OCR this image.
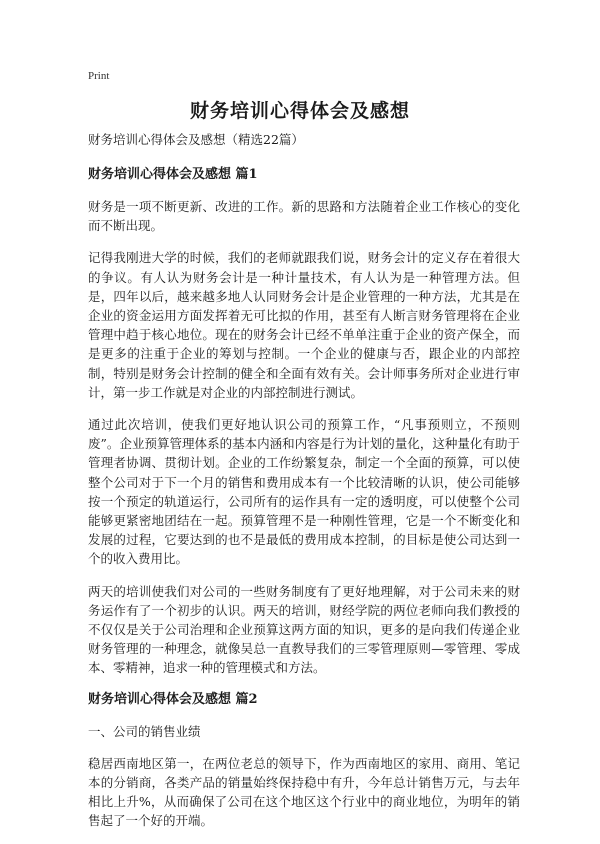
Print
财务培训心得体会及感想
财务培训心得体会及感想（精选22篇）
财务培训心得体会及感想 篇1

财务是一项不断更新、改进的工作。新的思路和方法随着企业工作核心的变化而不断出现。

记得我刚进大学的时候，我们的老师就跟我们说，财务会计的定义存在着很大的争议。有人认为财务会计是一种计量技术，有人认为是一种管理方法。但是，四年以后，越来越多地人认同财务会计是企业管理的一种方法，尤其是在企业的资金运用方面发挥着无可比拟的作用，甚至有人断言财务管理将在企业管理中趋于核心地位。现在的财务会计已经不单单注重于企业的资产保全，而是更多的注重于企业的筹划与控制。一个企业的健康与否，跟企业的内部控制，特别是财务会计控制的健全和全面有效有关。会计师事务所对企业进行审计，第一步工作就是对企业的内部控制进行测试。

通过此次培训，使我们更好地认识公司的预算工作，“凡事预则立，不预则废”。企业预算管理体系的基本内涵和内容是行为计划的量化，这种量化有助于管理者协调、贯彻计划。企业的工作纷繁复杂，制定一个全面的预算，可以使整个公司对于下一个月的销售和费用成本有一个比较清晰的认识，使公司能够按一个预定的轨道运行，公司所有的运作具有一定的透明度，可以使整个公司能够更紧密地团结在一起。预算管理不是一种刚性管理，它是一个不断变化和发展的过程，它要达到的也不是最低的费用成本控制，的目标是使公司达到一个的收入费用比。

两天的培训使我们对公司的一些财务制度有了更好地理解，对于公司未来的财务运作有了一个初步的认识。两天的培训，财经学院的两位老师向我们教授的不仅仅是关于公司治理和企业预算这两方面的知识，更多的是向我们传递企业财务管理的一种理念，就像吴总一直教导我们的三零管理原则—零管理、零成本、零精神，追求一种的管理模式和方法。

财务培训心得体会及感想 篇2

一、公司的销售业绩

稳居西南地区第一，在两位老总的领导下，作为西南地区的家用、商用、笔记本的分销商，各类产品的销量始终保持稳中有升，今年总计销售万元，与去年相比上升%，从而确保了公司在这个地区这个行业中的商业地位，为明年的销售起了一个好的开端。
